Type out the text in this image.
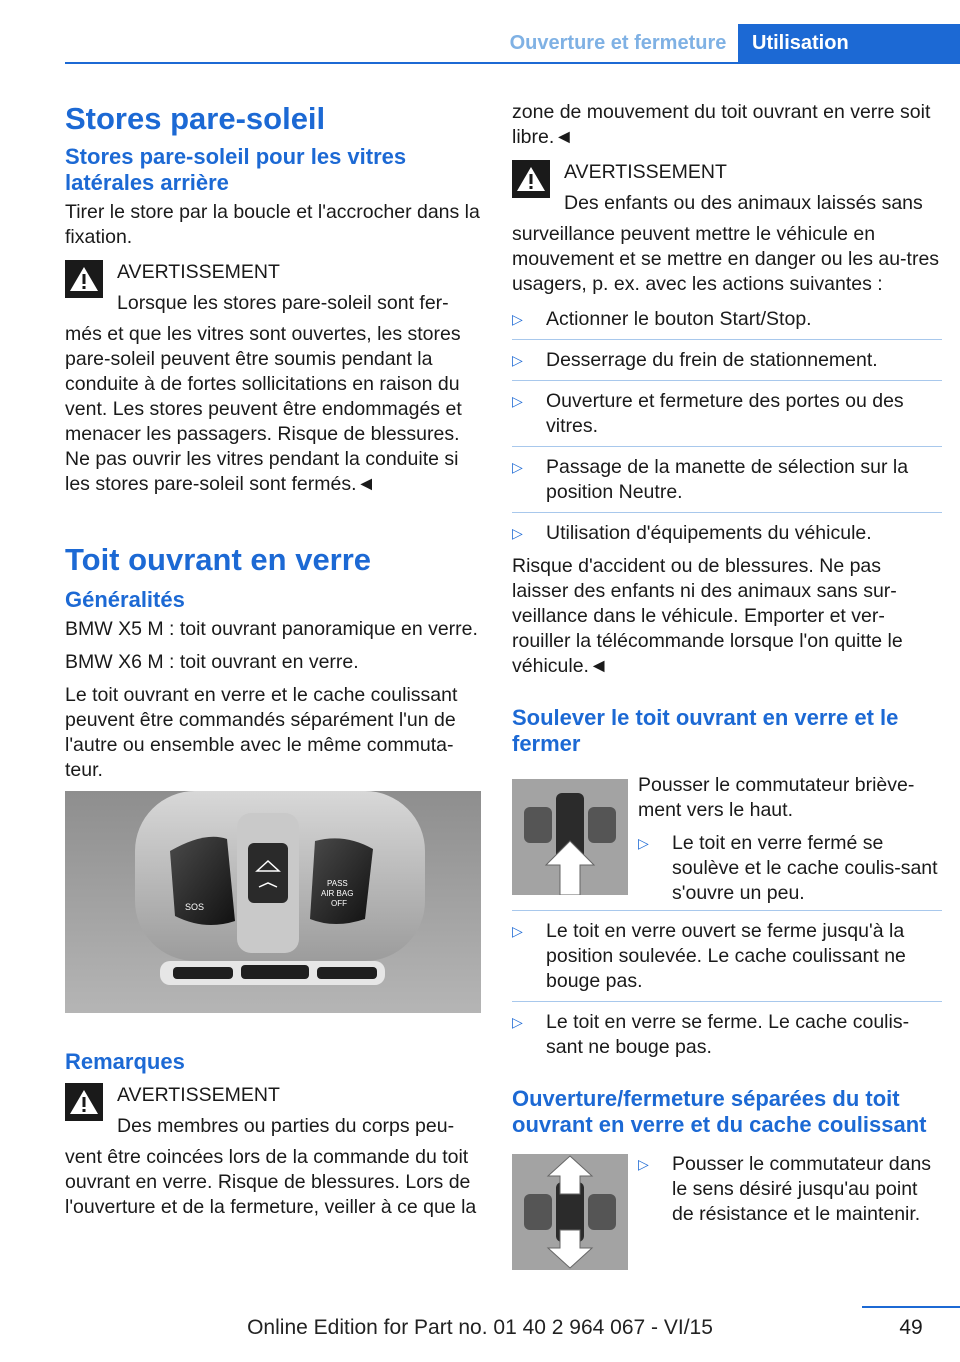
Ouverture et fermeture	Utilisation
Stores pare-soleil
Stores pare-soleil pour les vitres latérales arrière

Tirer le store par la boucle et l'accrocher dans la fixation.

AVERTISSEMENT
Lorsque les stores pare-soleil sont fer-
més et que les vitres sont ouvertes, les stores pare-soleil peuvent être soumis pendant la conduite à de fortes sollicitations en raison du vent. Les stores peuvent être endommagés et menacer les passagers. Risque de blessures. Ne pas ouvrir les vitres pendant la conduite si les stores pare-soleil sont fermés.◄
Toit ouvrant en verre
Généralités

BMW X5 M : toit ouvrant panoramique en verre.

BMW X6 M : toit ouvrant en verre.

Le toit ouvrant en verre et le cache coulissant peuvent être commandés séparément l'un de l'autre ou ensemble avec le même commuta-teur.

SOS
PASS
AIR BAG
OFF
Remarques
AVERTISSEMENT
Des membres ou parties du corps peu-
vent être coincées lors de la commande du toit ouvrant en verre. Risque de blessures. Lors de l'ouverture et de la fermeture, veiller à ce que la

zone de mouvement du toit ouvrant en verre soit libre.◄

AVERTISSEMENT
Des enfants ou des animaux laissés sans
surveillance peuvent mettre le véhicule en mouvement et se mettre en danger ou les au-tres usagers, p. ex. avec les actions suivantes :
▷
Actionner le bouton Start/Stop.
▷
Desserrage du frein de stationnement.
▷
Ouverture et fermeture des portes ou des vitres.
▷
Passage de la manette de sélection sur la position Neutre.
▷
Utilisation d'équipements du véhicule.

Risque d'accident ou de blessures. Ne pas laisser des enfants ni des animaux sans sur-veillance dans le véhicule. Emporter et ver-rouiller la télécommande lorsque l'on quitte le véhicule.◄

Soulever le toit ouvrant en verre et le fermer

Pousser le commutateur briève-ment vers le haut.

▷
Le toit en verre fermé se soulève et le cache coulis-sant s'ouvre un peu.
▷
Le toit en verre ouvert se ferme jusqu'à la position soulevée. Le cache coulissant ne bouge pas.
▷
Le toit en verre se ferme. Le cache coulis-sant ne bouge pas.
Ouverture/fermeture séparées du toit ouvrant en verre et du cache coulissant
▷
Pousser le commutateur dans le sens désiré jusqu'au point de résistance et le maintenir.
Online Edition for Part no. 01 40 2 964 067 - VI/15	49
